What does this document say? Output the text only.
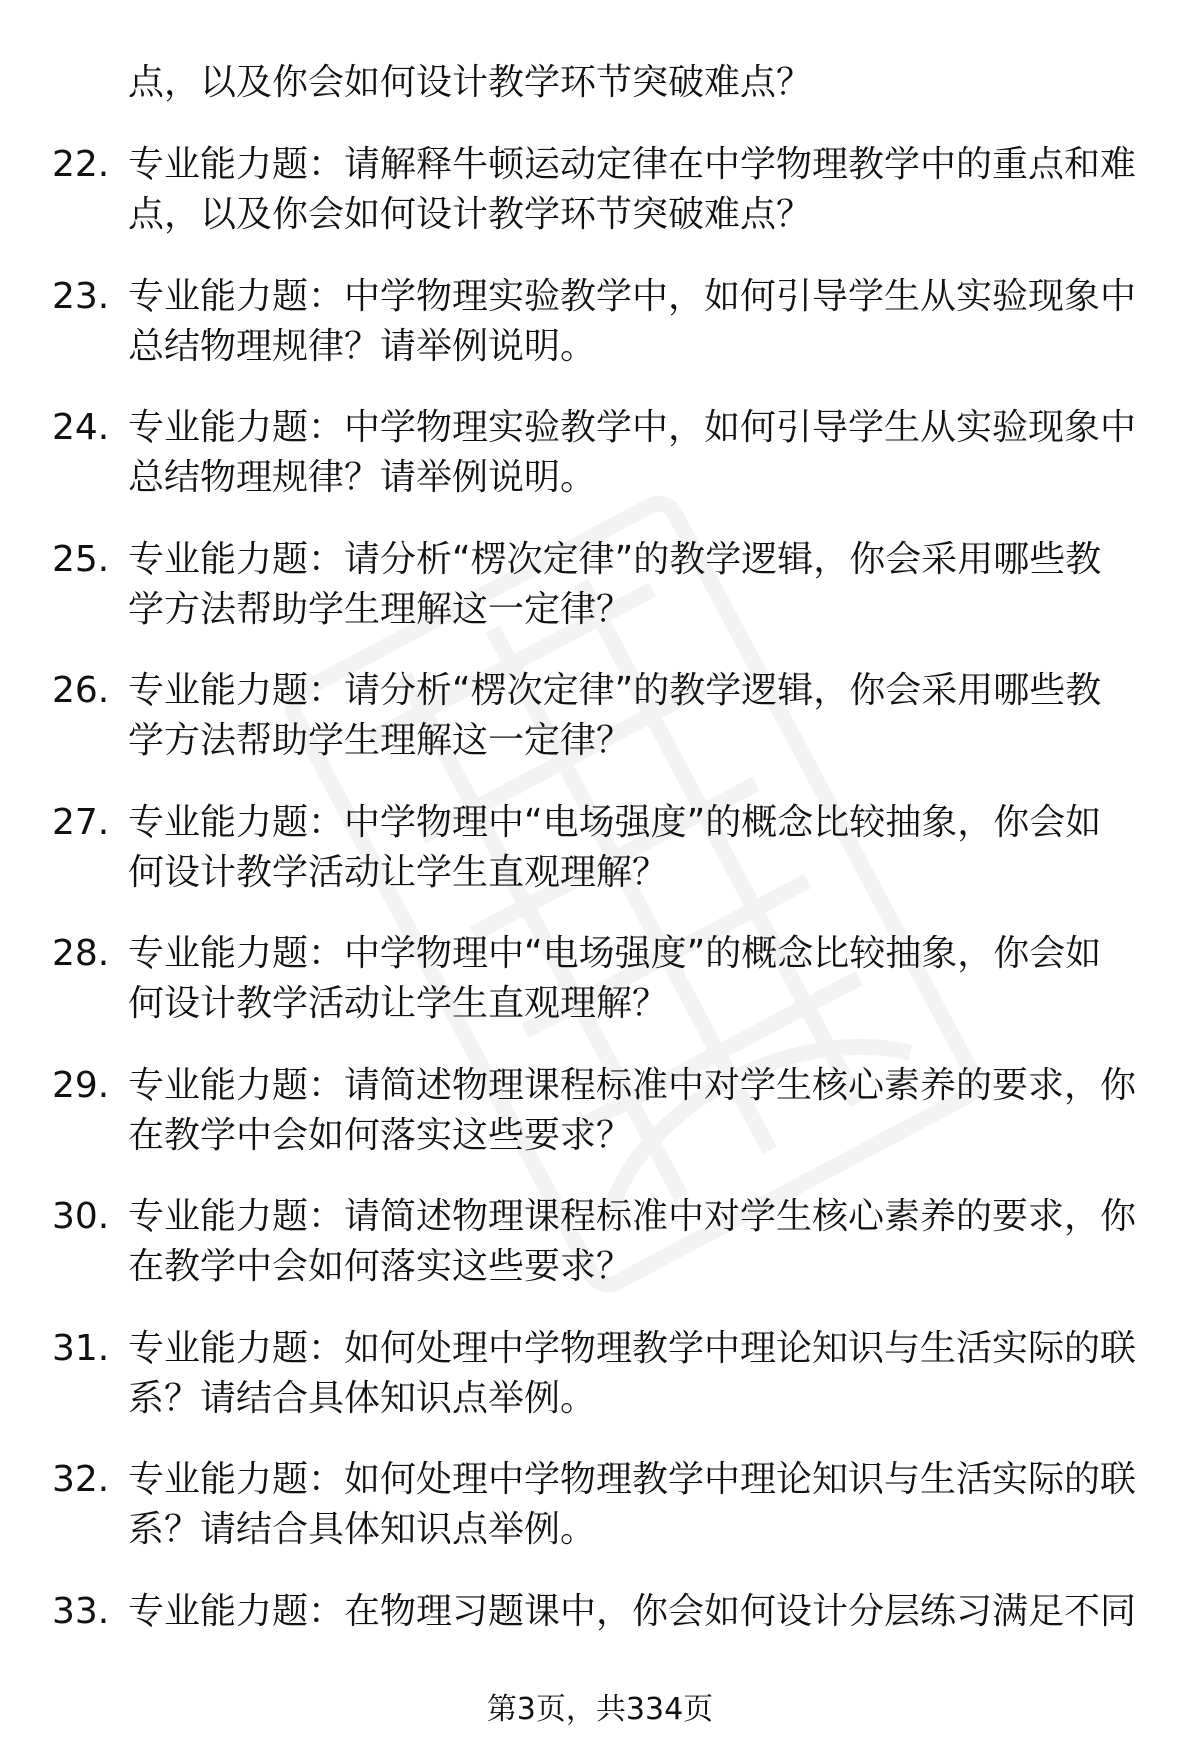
点，以及你会如何设计教学环节突破难点？
22. 专业能力题：请解释牛顿运动定律在中学物理教学中的重点和难
点，以及你会如何设计教学环节突破难点？
23. 专业能力题：中学物理实验教学中，如何引导学生从实验现象中
总结物理规律？请举例说明。
24. 专业能力题：中学物理实验教学中，如何引导学生从实验现象中
总结物理规律？请举例说明。
25. 专业能力题：请分析“楞次定律”的教学逻辑，你会采用哪些教
学方法帮助学生理解这一定律？
26. 专业能力题：请分析“楞次定律”的教学逻辑，你会采用哪些教
学方法帮助学生理解这一定律？
27. 专业能力题：中学物理中“电场强度”的概念比较抽象，你会如
何设计教学活动让学生直观理解？
28. 专业能力题：中学物理中“电场强度”的概念比较抽象，你会如
何设计教学活动让学生直观理解？
29. 专业能力题：请简述物理课程标准中对学生核心素养的要求，你
在教学中会如何落实这些要求？
30. 专业能力题：请简述物理课程标准中对学生核心素养的要求，你
在教学中会如何落实这些要求？
31. 专业能力题：如何处理中学物理教学中理论知识与生活实际的联
系？请结合具体知识点举例。
32. 专业能力题：如何处理中学物理教学中理论知识与生活实际的联
系？请结合具体知识点举例。
33. 专业能力题：在物理习题课中，你会如何设计分层练习满足不同
第3页，共334页
